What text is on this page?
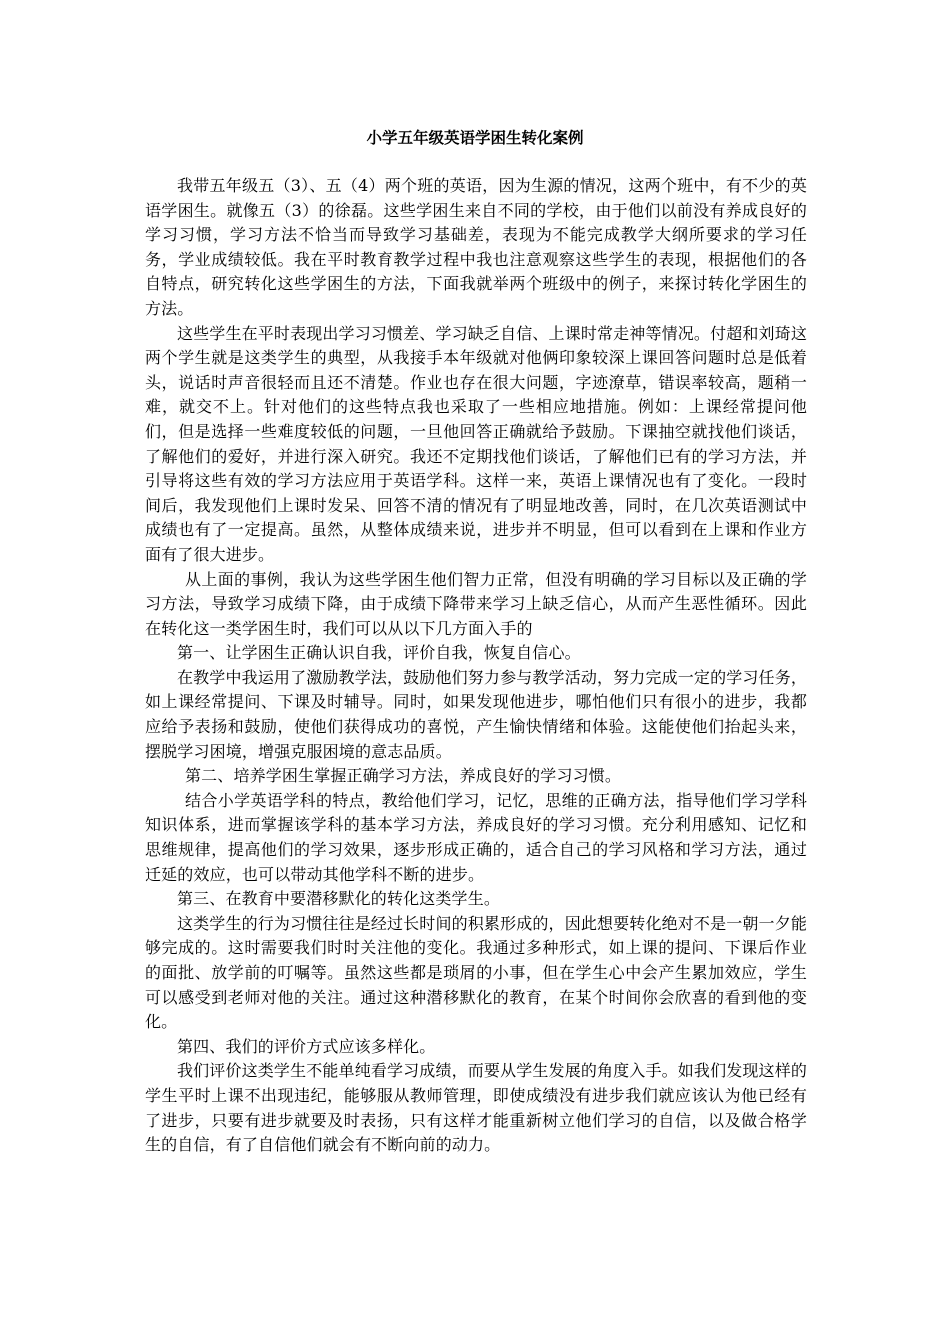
小学五年级英语学困生转化案例

我带五年级五（3）、五（4）两个班的英语，因为生源的情况，这两个班中，有不少的英语学困生。就像五（3）的徐磊。这些学困生来自不同的学校，由于他们以前没有养成良好的学习习惯，学习方法不恰当而导致学习基础差，表现为不能完成教学大纲所要求的学习任务，学业成绩较低。我在平时教育教学过程中我也注意观察这些学生的表现，根据他们的各自特点，研究转化这些学困生的方法，下面我就举两个班级中的例子，来探讨转化学困生的方法。

这些学生在平时表现出学习习惯差、学习缺乏自信、上课时常走神等情况。付超和刘琦这两个学生就是这类学生的典型，从我接手本年级就对他俩印象较深上课回答问题时总是低着头，说话时声音很轻而且还不清楚。作业也存在很大问题，字迹潦草，错误率较高，题稍一难，就交不上。针对他们的这些特点我也采取了一些相应地措施。例如：上课经常提问他们，但是选择一些难度较低的问题，一旦他回答正确就给予鼓励。下课抽空就找他们谈话，了解他们的爱好，并进行深入研究。我还不定期找他们谈话，了解他们已有的学习方法，并引导将这些有效的学习方法应用于英语学科。这样一来，英语上课情况也有了变化。一段时间后，我发现他们上课时发呆、回答不清的情况有了明显地改善，同时，在几次英语测试中成绩也有了一定提高。虽然，从整体成绩来说，进步并不明显，但可以看到在上课和作业方面有了很大进步。

从上面的事例，我认为这些学困生他们智力正常，但没有明确的学习目标以及正确的学习方法，导致学习成绩下降，由于成绩下降带来学习上缺乏信心，从而产生恶性循环。因此在转化这一类学困生时，我们可以从以下几方面入手的

第一、让学困生正确认识自我，评价自我，恢复自信心。

在教学中我运用了激励教学法，鼓励他们努力参与教学活动，努力完成一定的学习任务，如上课经常提问、下课及时辅导。同时，如果发现他进步，哪怕他们只有很小的进步，我都应给予表扬和鼓励，使他们获得成功的喜悦，产生愉快情绪和体验。这能使他们抬起头来，摆脱学习困境，增强克服困境的意志品质。

第二、培养学困生掌握正确学习方法，养成良好的学习习惯。

结合小学英语学科的特点，教给他们学习，记忆，思维的正确方法，指导他们学习学科知识体系，进而掌握该学科的基本学习方法，养成良好的学习习惯。充分利用感知、记忆和思维规律，提高他们的学习效果，逐步形成正确的，适合自己的学习风格和学习方法，通过迁延的效应，也可以带动其他学科不断的进步。

第三、在教育中要潜移默化的转化这类学生。

这类学生的行为习惯往往是经过长时间的积累形成的，因此想要转化绝对不是一朝一夕能够完成的。这时需要我们时时关注他的变化。我通过多种形式，如上课的提问、下课后作业的面批、放学前的叮嘱等。虽然这些都是琐屑的小事，但在学生心中会产生累加效应，学生可以感受到老师对他的关注。通过这种潜移默化的教育，在某个时间你会欣喜的看到他的变化。

第四、我们的评价方式应该多样化。

我们评价这类学生不能单纯看学习成绩，而要从学生发展的角度入手。如我们发现这样的学生平时上课不出现违纪，能够服从教师管理，即使成绩没有进步我们就应该认为他已经有了进步，只要有进步就要及时表扬，只有这样才能重新树立他们学习的自信，以及做合格学生的自信，有了自信他们就会有不断向前的动力。
